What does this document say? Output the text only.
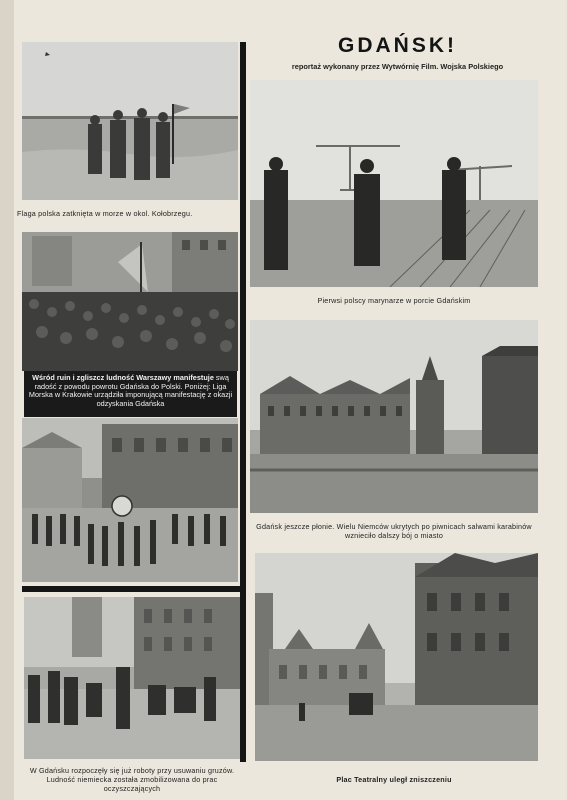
Flaga polska zatknięta w morze w okol. Kołobrzegu.
Wśród ruin i zgliszcz ludność Warszawy manifestuje swą radość z powodu powrotu Gdańska do Polski. Poniżej: Liga Morska w Krakowie urządziła imponującą manifestację z okazji odzyskania Gdańska
W Gdańsku rozpoczęły się już roboty przy usuwaniu gruzów. Ludność niemiecka została zmobilizowana do prac oczyszczających
GDAŃSK!
reportaż wykonany przez Wytwórnię Film. Wojska Polskiego
Pierwsi polscy marynarze w porcie Gdańskim
Gdańsk jeszcze płonie. Wielu Niemców ukrytych po piwnicach salwami karabinów wznieciło dalszy bój o miasto
Plac Teatralny uległ zniszczeniu
